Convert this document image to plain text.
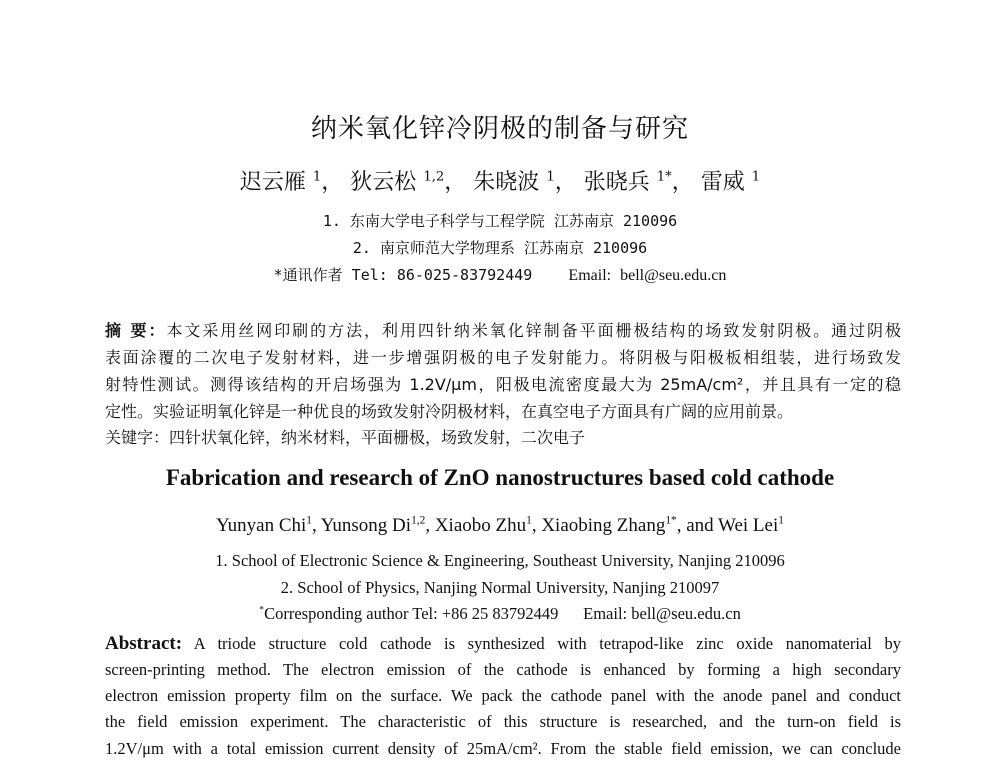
纳米氧化锌冷阴极的制备与研究
迟云雁 $^1$， 狄云松 $^{1,2}$， 朱晓波 $^1$， 张晓兵 $^{1*}$， 雷威 $^1$
1. 东南大学电子科学与工程学院 江苏南京 210096
2. 南京师范大学物理系 江苏南京 210096
*通讯作者 Tel: 86-025-83792449 Email: bell@seu.edu.cn
摘 要：本文采用丝网印刷的方法，利用四针纳米氧化锌制备平面栅极结构的场致发射阴极。通过阴极
表面涂覆的二次电子发射材料，进一步增强阴极的电子发射能力。将阴极与阳极板相组装，进行场致发
射特性测试。测得该结构的开启场强为 1.2V/μm，阳极电流密度最大为 25mA/cm²，并且具有一定的稳
定性。实验证明氧化锌是一种优良的场致发射冷阴极材料，在真空电子方面具有广阔的应用前景。
关键字：四针状氧化锌，纳米材料，平面栅极，场致发射，二次电子
Fabrication and research of ZnO nanostructures based cold cathode
Yunyan Chi$^1$, Yunsong Di$^{1,2}$, Xiaobo Zhu$^1$, Xiaobing Zhang$^{1*}$, and Wei Lei$^1$
1. School of Electronic Science & Engineering, Southeast University, Nanjing 210096
2. School of Physics, Nanjing Normal University, Nanjing 210097
*Corresponding author Tel: +86 25 83792449 Email: bell@seu.edu.cn
Abstract: A triode structure cold cathode is synthesized with tetrapod-like zinc oxide nanomaterial by
screen-printing method. The electron emission of the cathode is enhanced by forming a high secondary
electron emission property film on the surface. We pack the cathode panel with the anode panel and conduct
the field emission experiment. The characteristic of this structure is researched, and the turn-on field is
1.2V/μm with a total emission current density of 25mA/cm². From the stable field emission, we can conclude
